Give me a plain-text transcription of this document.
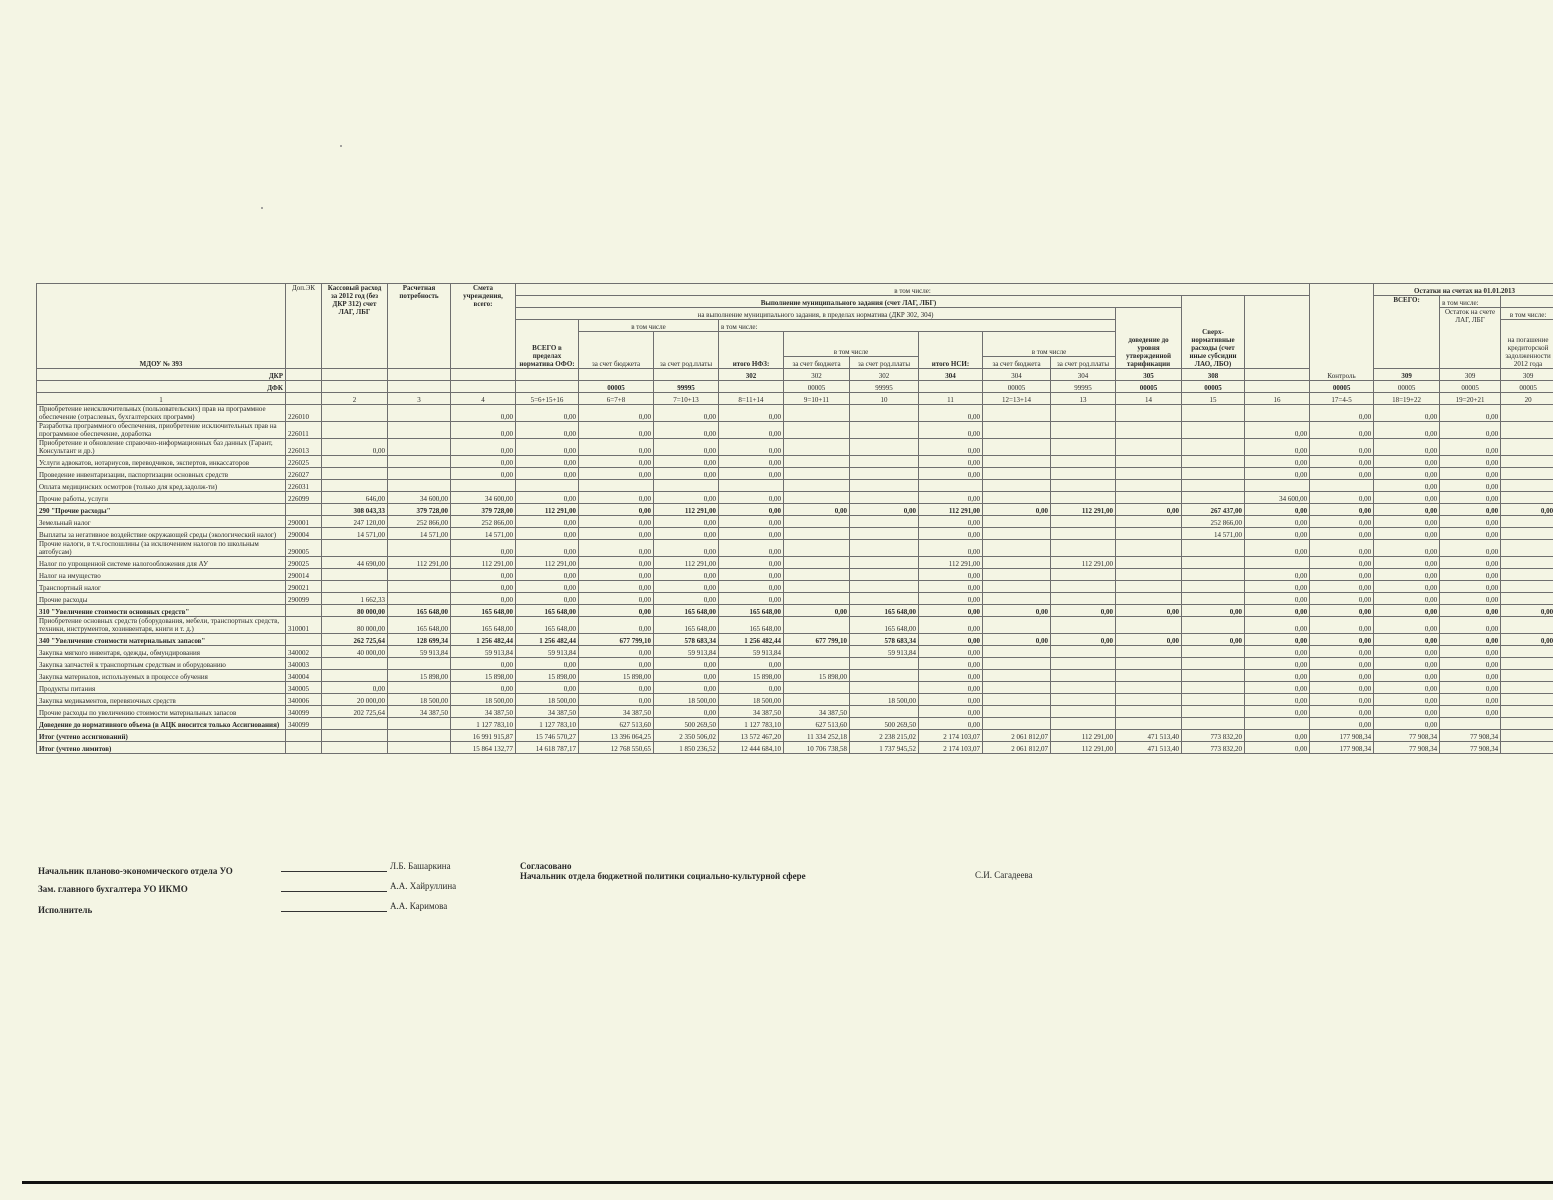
МДОУ № 393	Доп.ЭК	Кассовый расход за 2012 год (без ДКР 312) счет ЛАГ, ЛБГ	Расчетная потребность	Смета учреждения, всего:	в том числе:												Контроль	Остатки на счетах на 01.01.2013			
					Выполнение муниципального задания (счет ЛАГ, ЛБГ)										Сверх-нормативные расходы (счет иные субсидии ЛАО, ЛБО)			ВСЕГО:	в том числе:		
					на выполнение муниципального задания, в пределах норматива (ДКР 302, 304)									доведение до уровня утвержденной тарификации					Остаток на счете ЛАГ, ЛБГ	в том числе:	
					ВСЕГО в пределах норматива ОФО:	в том числе		в том числе:												на погашение кредиторской задолженности 2012 года	
						за счет бюджета	за счет род.платы	итого НФЗ:	в том числе		итого НСИ:	в том числе									
									за счет бюджета	за счет род.платы		за счет бюджета	за счет род.платы								
ДКР								302	302	302	304	304	304	305	308			309	309	309	
ДФК						00005	99995		00005	99995		00005	99995	00005	00005		00005	00005	00005	00005	
1		2	3	4	5=6+15+16	6=7+8	7=10+13	8=11+14	9=10+11	10	11	12=13+14	13	14	15	16	17=4-5	18=19+22	19=20+21	20	
Приобретение неисключительных (пользовательских) прав на программное обеспечение (отраслевых, бухгалтерских программ)	226010			0,00	0,00	0,00	0,00	0,00			0,00						0,00	0,00	0,00		
Разработка программного обеспечения, приобретение исключительных прав на программное обеспечение, доработка	226011			0,00	0,00	0,00	0,00	0,00			0,00					0,00	0,00	0,00	0,00		
Приобретение и обновление справочно-информационных баз данных (Гарант, Консультант и др.)	226013	0,00		0,00	0,00	0,00	0,00	0,00			0,00					0,00	0,00	0,00	0,00		
Услуги адвокатов, нотариусов, переводчиков, экспертов, инкассаторов	226025			0,00	0,00	0,00	0,00	0,00			0,00					0,00	0,00	0,00	0,00		
Проведение инвентаризации, паспортизации основных средств	226027			0,00	0,00	0,00	0,00	0,00			0,00					0,00	0,00	0,00	0,00		
Оплата медицинских осмотров (только для кред.задолж-ти)	226031																	0,00	0,00		
Прочие работы, услуги	226099	646,00	34 600,00	34 600,00	0,00	0,00	0,00	0,00			0,00					34 600,00	0,00	0,00	0,00		
290 "Прочие расходы"		308 043,33	379 728,00	379 728,00	112 291,00	0,00	112 291,00	0,00	0,00	0,00	112 291,00	0,00	112 291,00	0,00	267 437,00	0,00	0,00	0,00	0,00	0,00	
Земельный налог	290001	247 120,00	252 866,00	252 866,00	0,00	0,00	0,00	0,00			0,00				252 866,00	0,00	0,00	0,00	0,00		
Выплаты за негативное воздействие окружающей среды (экологический налог)	290004	14 571,00	14 571,00	14 571,00	0,00	0,00	0,00	0,00			0,00				14 571,00	0,00	0,00	0,00	0,00		
Прочие налоги, в т.ч.госпошлины (за исключением налогов по школьным автобусам)	290005			0,00	0,00	0,00	0,00	0,00			0,00					0,00	0,00	0,00	0,00		
Налог по упрощенной системе налогообложения для АУ	290025	44 690,00	112 291,00	112 291,00	112 291,00	0,00	112 291,00	0,00			112 291,00		112 291,00				0,00	0,00	0,00		
Налог на имущество	290014			0,00	0,00	0,00	0,00	0,00			0,00					0,00	0,00	0,00	0,00		
Транспортный налог	290021			0,00	0,00	0,00	0,00	0,00			0,00					0,00	0,00	0,00	0,00		
Прочие расходы	290099	1 662,33		0,00	0,00	0,00	0,00	0,00			0,00					0,00	0,00	0,00	0,00		
310 "Увеличение стоимости основных средств"		80 000,00	165 648,00	165 648,00	165 648,00	0,00	165 648,00	165 648,00	0,00	165 648,00	0,00	0,00	0,00	0,00	0,00	0,00	0,00	0,00	0,00	0,00	
Приобретение основных средств (оборудования, мебели, транспортных средств, техники, инструментов, хозинвентаря, книги и т. д.)	310001	80 000,00	165 648,00	165 648,00	165 648,00	0,00	165 648,00	165 648,00		165 648,00	0,00					0,00	0,00	0,00	0,00		
340 "Увеличение стоимости материальных запасов"		262 725,64	128 699,34	1 256 482,44	1 256 482,44	677 799,10	578 683,34	1 256 482,44	677 799,10	578 683,34	0,00	0,00	0,00	0,00	0,00	0,00	0,00	0,00	0,00	0,00	
Закупка мягкого инвентаря, одежды, обмундирования	340002	40 000,00	59 913,84	59 913,84	59 913,84	0,00	59 913,84	59 913,84		59 913,84	0,00					0,00	0,00	0,00	0,00		
Закупка запчастей к транспортным средствам и оборудованию	340003			0,00	0,00	0,00	0,00	0,00			0,00					0,00	0,00	0,00	0,00		
Закупка материалов, используемых в процессе обучения	340004		15 898,00	15 898,00	15 898,00	15 898,00	0,00	15 898,00	15 898,00		0,00					0,00	0,00	0,00	0,00		
Продукты питания	340005	0,00		0,00	0,00	0,00	0,00	0,00			0,00					0,00	0,00	0,00	0,00		
Закупка медикаментов, перевязочных средств	340006	20 000,00	18 500,00	18 500,00	18 500,00	0,00	18 500,00	18 500,00		18 500,00	0,00					0,00	0,00	0,00	0,00		
Прочие расходы по увеличению стоимости материальных запасов	340099	202 725,64	34 387,50	34 387,50	34 387,50	34 387,50	0,00	34 387,50	34 387,50		0,00					0,00	0,00	0,00	0,00		
Доведение до нормативного объема (в АЦК вносится только Ассигнования)	340099			1 127 783,10	1 127 783,10	627 513,60	500 269,50	1 127 783,10	627 513,60	500 269,50	0,00						0,00	0,00			
Итог (учтено ассигнований)				16 991 915,87	15 746 570,27	13 396 064,25	2 350 506,02	13 572 467,20	11 334 252,18	2 238 215,02	2 174 103,07	2 061 812,07	112 291,00	471 513,40	773 832,20	0,00	177 908,34	77 908,34	77 908,34		
Итог (учтено лимитов)				15 864 132,77	14 618 787,17	12 768 550,65	1 850 236,52	12 444 684,10	10 706 738,58	1 737 945,52	2 174 103,07	2 061 812,07	112 291,00	471 513,40	773 832,20	0,00	177 908,34	77 908,34	77 908,34		
Начальник планово-экономического отдела УО	Л.Б. Башаркина
Зам. главного бухгалтера УО ИКМО	А.А. Хайруллина
Исполнитель	А.А. Каримова
Согласовано
Начальник отдела бюджетной политики социально-культурной сфере	С.И. Сагадеева
